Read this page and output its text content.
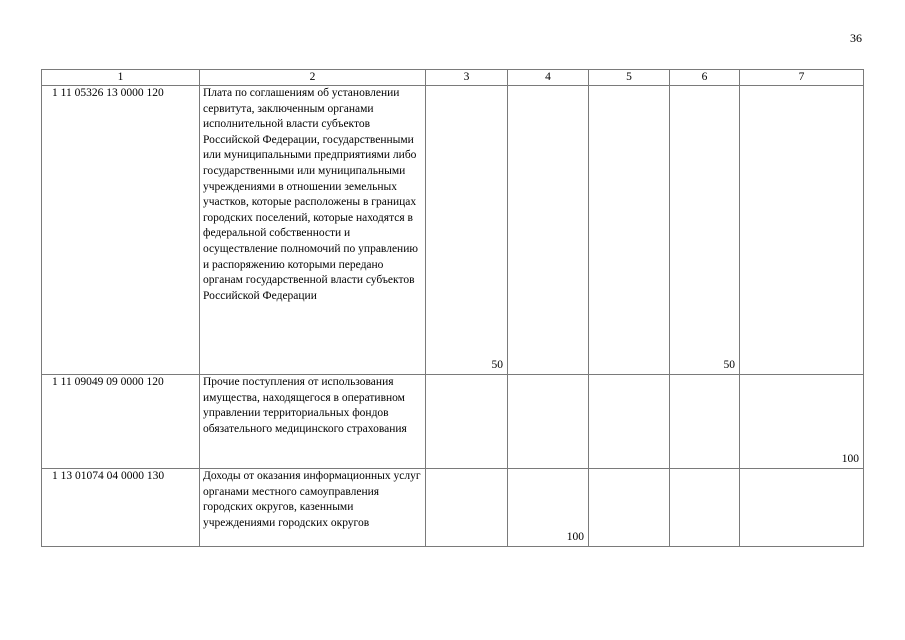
36
1	2	3	4	5	6	7
1 11 05326 13 0000 120	Плата по соглашениям об установлении сервитута, заключенным органами исполнительной власти субъектов Российской Федерации, государственными или муниципальными предприятиями либо государственными или муниципальными учреждениями в отношении земельных участков, которые расположены в границах городских поселений, которые находятся в федеральной собственности и осуществление полномочий по управлению и распоряжению которыми передано органам государственной власти субъектов Российской Федерации	50			50	
1 11 09049 09 0000 120	Прочие поступления от использования имущества, находящегося в оперативном управлении территориальных фондов обязательного медицинского страхования					100
1 13 01074 04 0000 130	Доходы от оказания информационных услуг органами местного самоуправления городских округов, казенными учреждениями городских округов		100			
